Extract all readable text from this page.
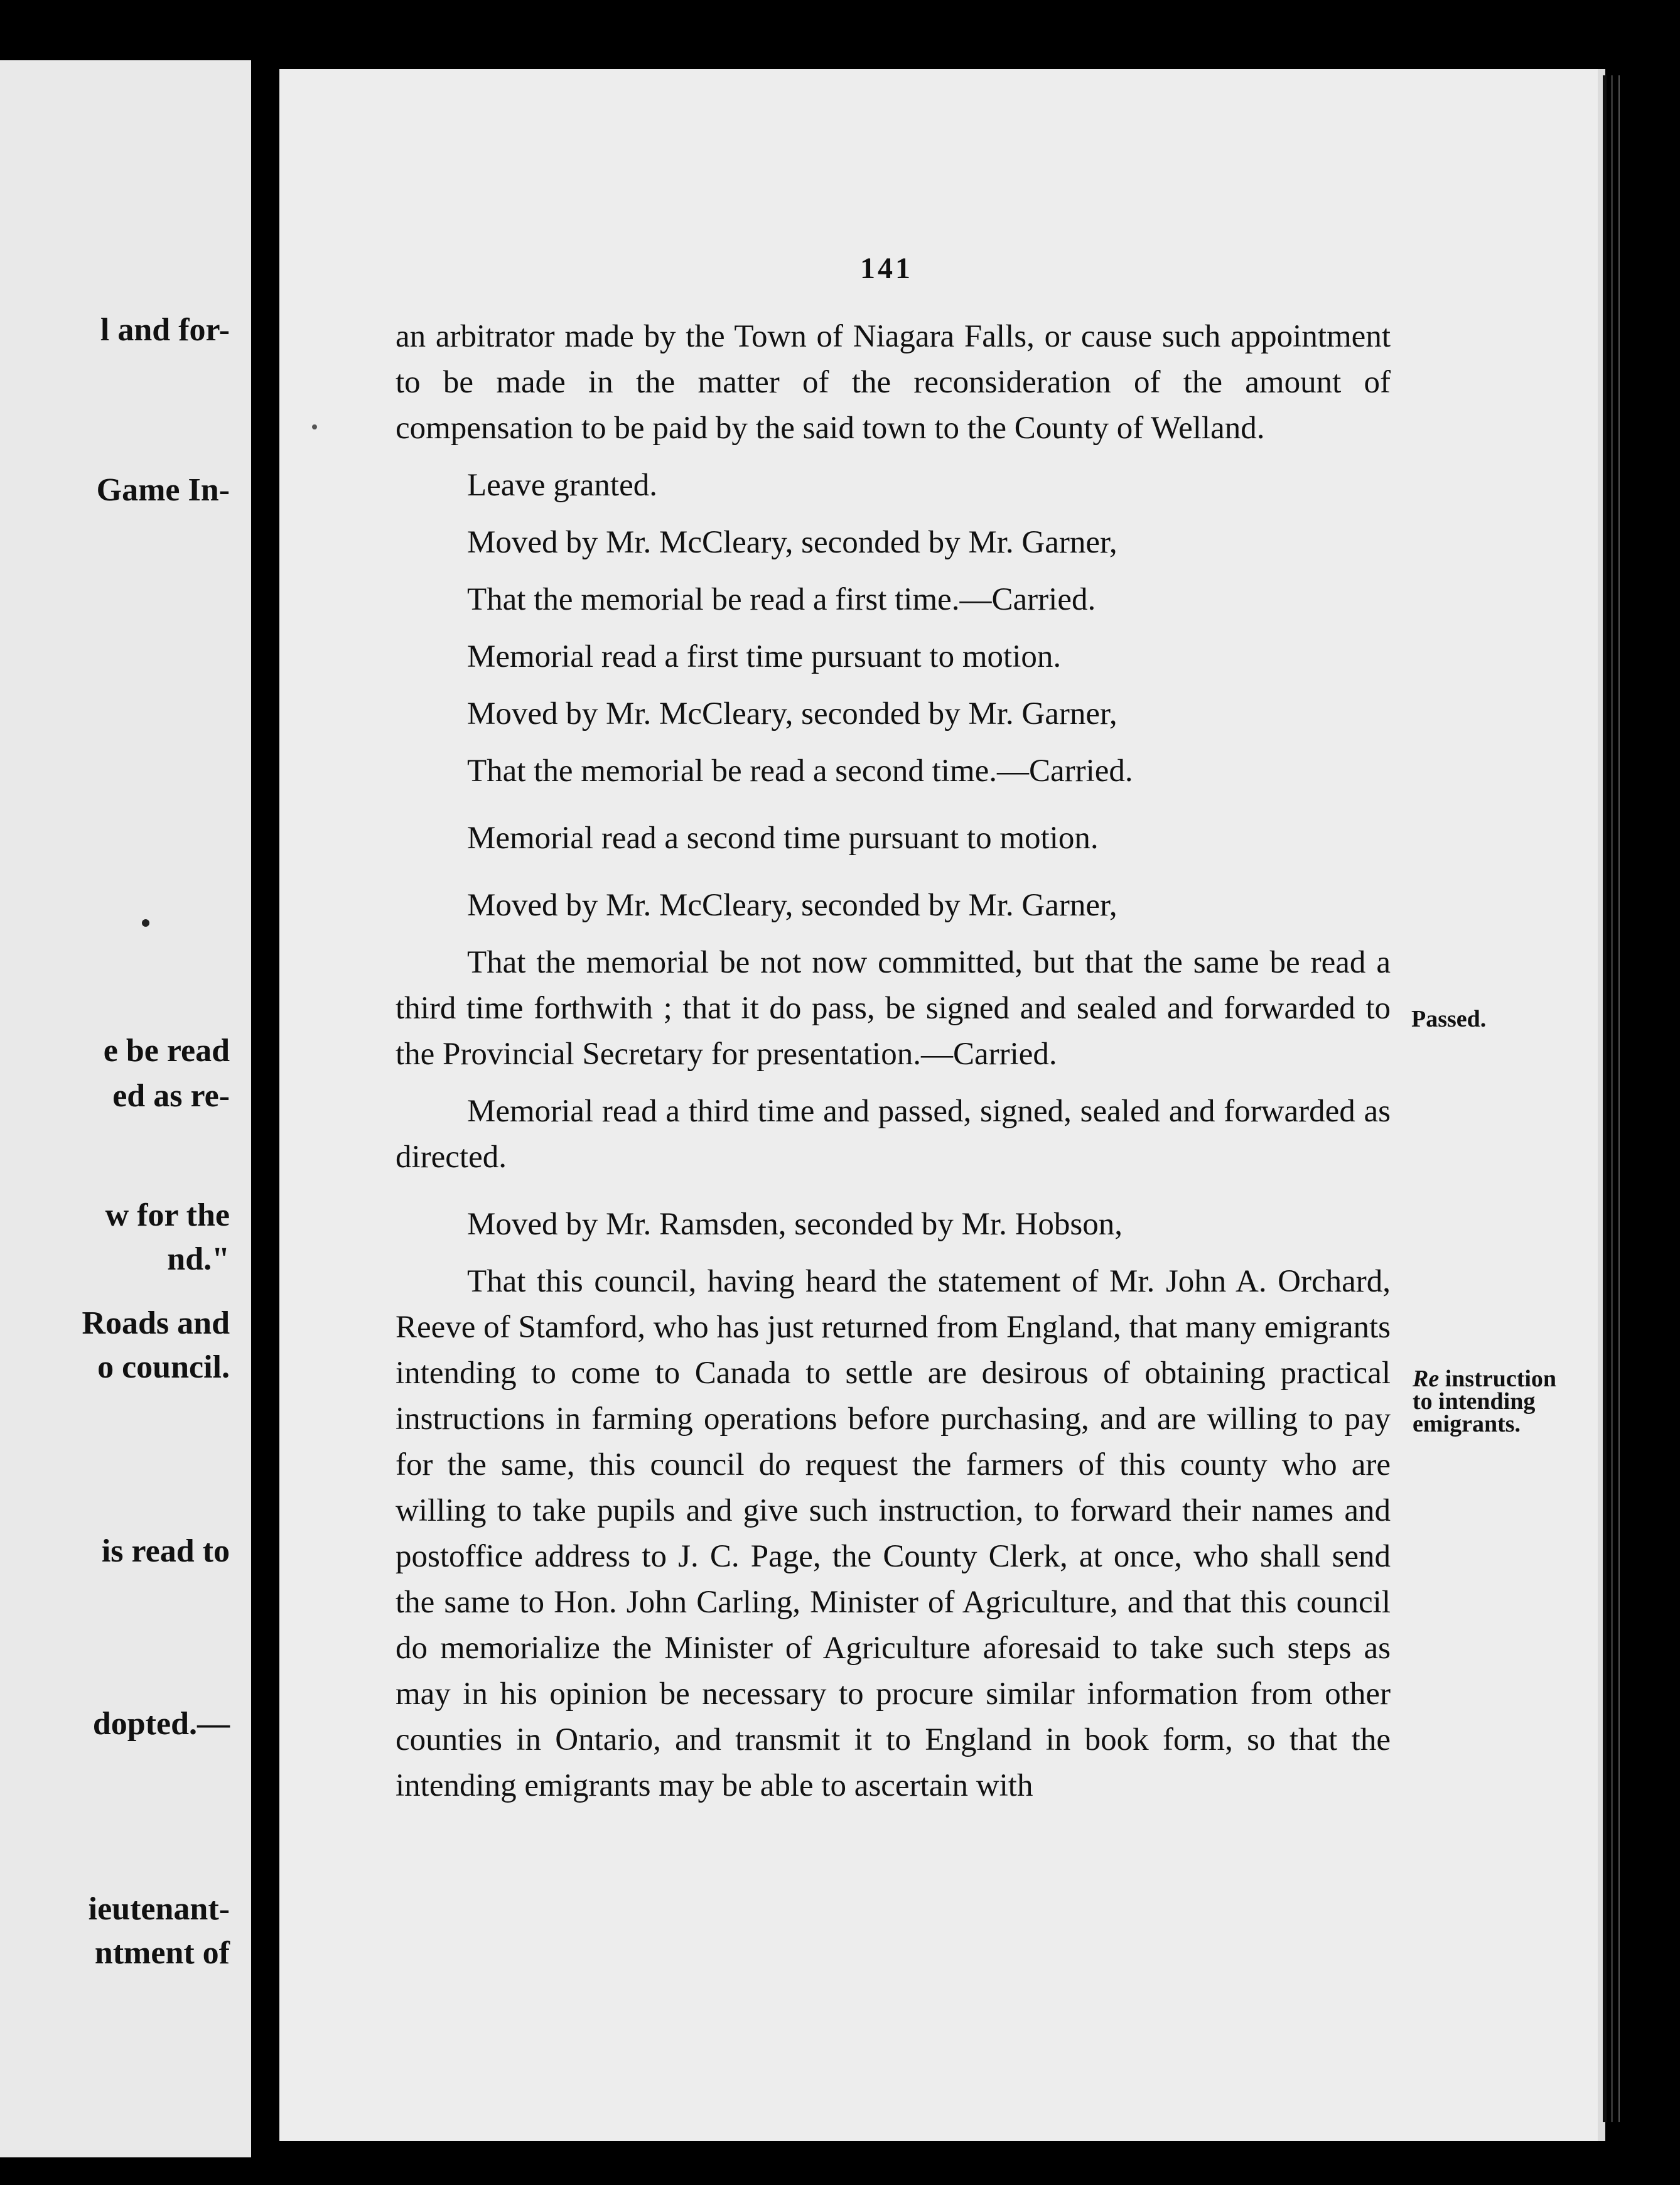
l and for-
Game In-
e be read
ed as re-
w for the
nd."
Roads and
o council.
is read to
dopted.—
ieutenant-
ntment of
141

an arbitrator made by the Town of Niagara Falls, or cause such appointment to be made in the matter of the reconsideration of the amount of compensation to be paid by the said town to the County of Welland.

Leave granted.

Moved by Mr. McCleary, seconded by Mr. Garner,

That the memorial be read a first time.—Carried.

Memorial read a first time pursuant to motion.

Moved by Mr. McCleary, seconded by Mr. Garner,

That the memorial be read a second time.—Carried.

Memorial read a second time pursuant to motion.

Moved by Mr. McCleary, seconded by Mr. Garner,

That the memorial be not now committed, but that the same be read a third time forthwith ; that it do pass, be signed and sealed and forwarded to the Provincial Secretary for presentation.—Carried.

Memorial read a third time and passed, signed, sealed and forwarded as directed.

Moved by Mr. Ramsden, seconded by Mr. Hobson,

That this council, having heard the statement of Mr. John A. Orchard, Reeve of Stamford, who has just returned from England, that many emigrants intending to come to Canada to settle are desirous of obtaining practical instructions in farming operations before purchasing, and are willing to pay for the same, this council do request the farmers of this county who are willing to take pupils and give such instruction, to forward their names and postoffice address to J. C. Page, the County Clerk, at once, who shall send the same to Hon. John Carling, Minister of Agriculture, and that this council do memorialize the Minister of Agriculture aforesaid to take such steps as may in his opinion be necessary to procure similar information from other counties in Ontario, and transmit it to England in book form, so that the intending emigrants may be able to ascertain with

Passed.
Re instruction
to intending
emigrants.
